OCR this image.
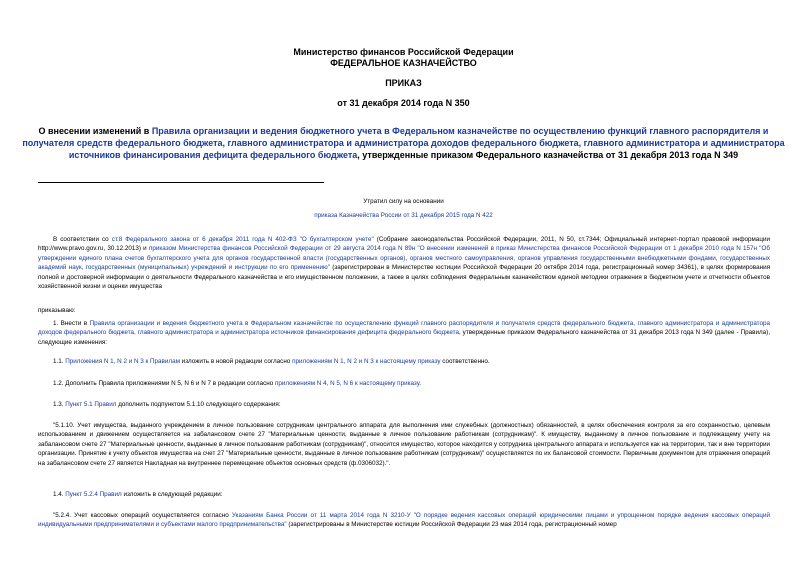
Министерство финансов Российской Федерации
ФЕДЕРАЛЬНОЕ КАЗНАЧЕЙСТВО
ПРИКАЗ
от 31 декабря 2014 года N 350
О внесении изменений в Правила организации и ведения бюджетного учета в Федеральном казначействе по осуществлению функций главного распорядителя и получателя средств федерального бюджета, главного администратора и администратора доходов федерального бюджета, главного администратора и администратора источников финансирования дефицита федерального бюджета, утвержденные приказом Федерального казначейства от 31 декабря 2013 года N 349
Утратил силу на основании
приказа Казначейства России от 31 декабря 2015 года N 422
В соответствии со ст.8 Федерального закона от 6 декабря 2011 года N 402-ФЗ "О бухгалтерском учете" (Собрание законодательства Российской Федерации, 2011, N 50, ст.7344; Официальный интернет-портал правовой информации http://www.pravo.gov.ru, 30.12.2013) и приказом Министерства финансов Российской Федерации от 29 августа 2014 года N 89н "О внесении изменений в приказ Министерства финансов Российской Федерации от 1 декабря 2010 года N 157н "Об утверждении единого плана счетов бухгалтерского учета для органов государственной власти (государственных органов), органов местного самоуправления, органов управления государственными внебюджетными фондами, государственных академий наук, государственных (муниципальных) учреждений и инструкции по его применению" (зарегистрирован в Министерстве юстиции Российской Федерации 20 октября 2014 года, регистрационный номер 34361), в целях формирования полной и достоверной информации о деятельности Федерального казначейства и его имущественном положении, а также в целях соблюдения Федеральным казначейством единой методики отражения в бюджетном учете и отчетности объектов хозяйственной жизни и оценки имущества
приказываю:
1. Внести в Правила организации и ведения бюджетного учета в Федеральном казначействе по осуществлению функций главного распорядителя и получателя средств федерального бюджета, главного администратора и администратора доходов федерального бюджета, главного администратора и администратора источников финансирования дефицита федерального бюджета, утвержденные приказом Федерального казначейства от 31 декабря 2013 года N 349 (далее - Правила), следующие изменения:
1.1. Приложения N 1, N 2 и N 3 к Правилам изложить в новой редакции согласно приложениям N 1, N 2 и N 3 к настоящему приказу соответственно.
1.2. Дополнить Правила приложениями N 5, N 6 и N 7 в редакции согласно приложениям N 4, N 5, N 6 к настоящему приказу.
1.3. Пункт 5.1 Правил дополнить подпунктом 5.1.10 следующего содержания:
"5.1.10. Учет имущества, выданного учреждением в личное пользование сотрудникам центрального аппарата для выполнения ими служебных (должностных) обязанностей, в целях обеспечения контроля за его сохранностью, целевым использованием и движением осуществляется на забалансовом счете 27 "Материальные ценности, выданные в личное пользование работникам (сотрудникам)". К имуществу, выданному в личное пользование и подлежащему учету на забалансовом счете 27 "Материальные ценности, выданные в личное пользование работникам (сотрудникам)", относится имущество, которое находится у сотрудника центрального аппарата и используется как на территории, так и вне территории организации. Принятие к учету объектов имущества на счет 27 "Материальные ценности, выданные в личное пользование работникам (сотрудникам)" осуществляется по их балансовой стоимости. Первичным документом для отражения операций на забалансовом счете 27 является Накладная на внутреннее перемещение объектов основных средств (ф.0306032).".
1.4. Пункт 5.2.4 Правил изложить в следующей редакции:
"5.2.4. Учет кассовых операций осуществляется согласно Указаниям Банка России от 11 марта 2014 года N 3210-У "О порядке ведения кассовых операций юридическими лицами и упрощенном порядке ведения кассовых операций индивидуальными предпринимателями и субъектами малого предпринимательства" (зарегистрированы в Министерстве юстиции Российской Федерации 23 мая 2014 года, регистрационный номер
